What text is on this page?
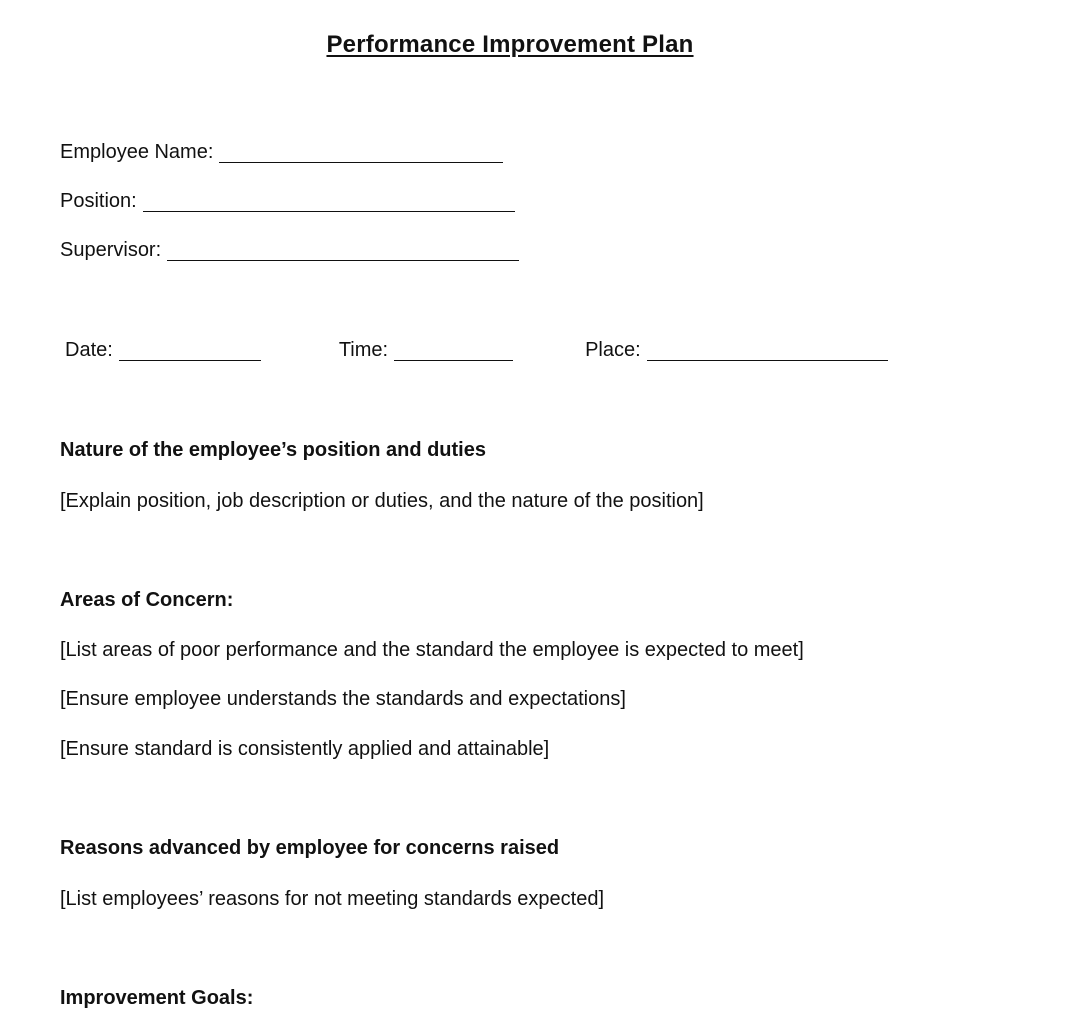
Performance Improvement Plan
Employee Name:
Position:
Supervisor:
Date:	Time:	Place:
Nature of the employee’s position and duties
[Explain position, job description or duties, and the nature of the position]
Areas of Concern:
[List areas of poor performance and the standard the employee is expected to meet]
[Ensure employee understands the standards and expectations]
[Ensure standard is consistently applied and attainable]
Reasons advanced by employee for concerns raised
[List employees’ reasons for not meeting standards expected]
Improvement Goals:
